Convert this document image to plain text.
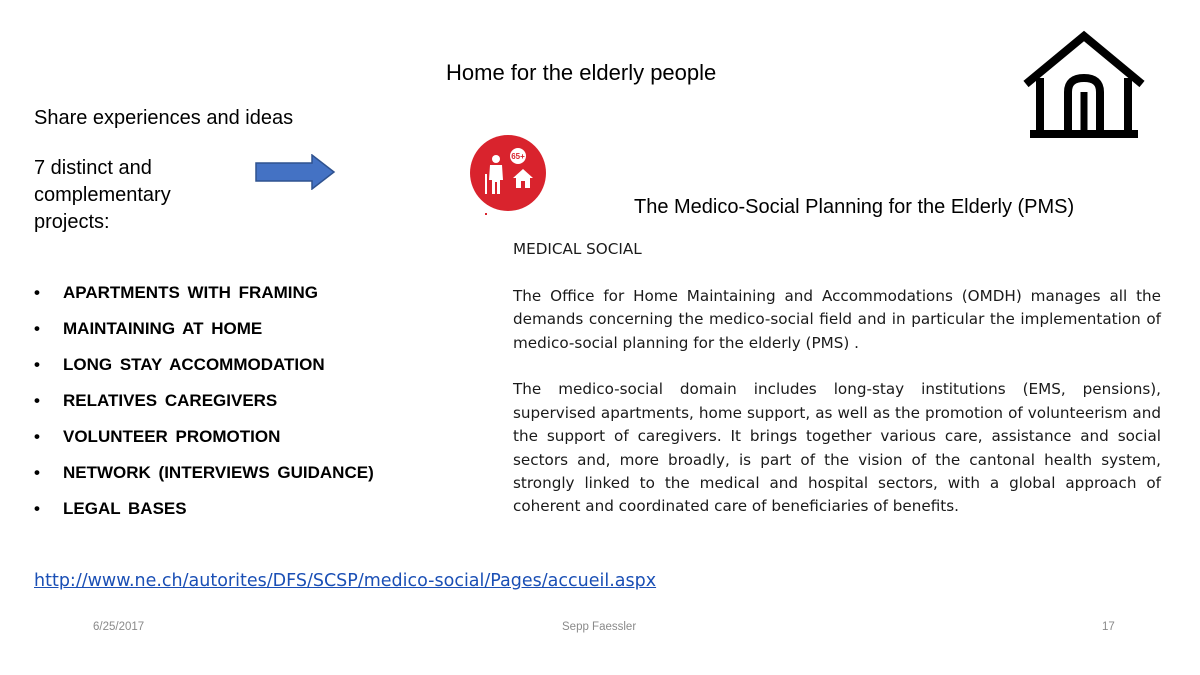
Home for the elderly people
Share experiences and ideas
7 distinct and complementary projects:
65+
The Medico-Social Planning for the Elderly (PMS)
• APARTMENTS WITH FRAMING
• MAINTAINING AT HOME
• LONG STAY ACCOMMODATION
• RELATIVES CAREGIVERS
• VOLUNTEER PROMOTION
• NETWORK (INTERVIEWS GUIDANCE)
• LEGAL BASES

MEDICAL SOCIAL

The Office for Home Maintaining and Accommodations (OMDH) manages all the demands concerning the medico-social field and in particular the implementation of medico-social planning for the elderly (PMS) .

The medico-social domain includes long-stay institutions (EMS, pensions), supervised apartments, home support, as well as the promotion of volunteerism and the support of caregivers. It brings together various care, assistance and social sectors and, more broadly, is part of the vision of the cantonal health system, strongly linked to the medical and hospital sectors, with a global approach of coherent and coordinated care of beneficiaries of benefits.

http://www.ne.ch/autorites/DFS/SCSP/medico-social/Pages/accueil.aspx
6/25/2017	Sepp Faessler	17
